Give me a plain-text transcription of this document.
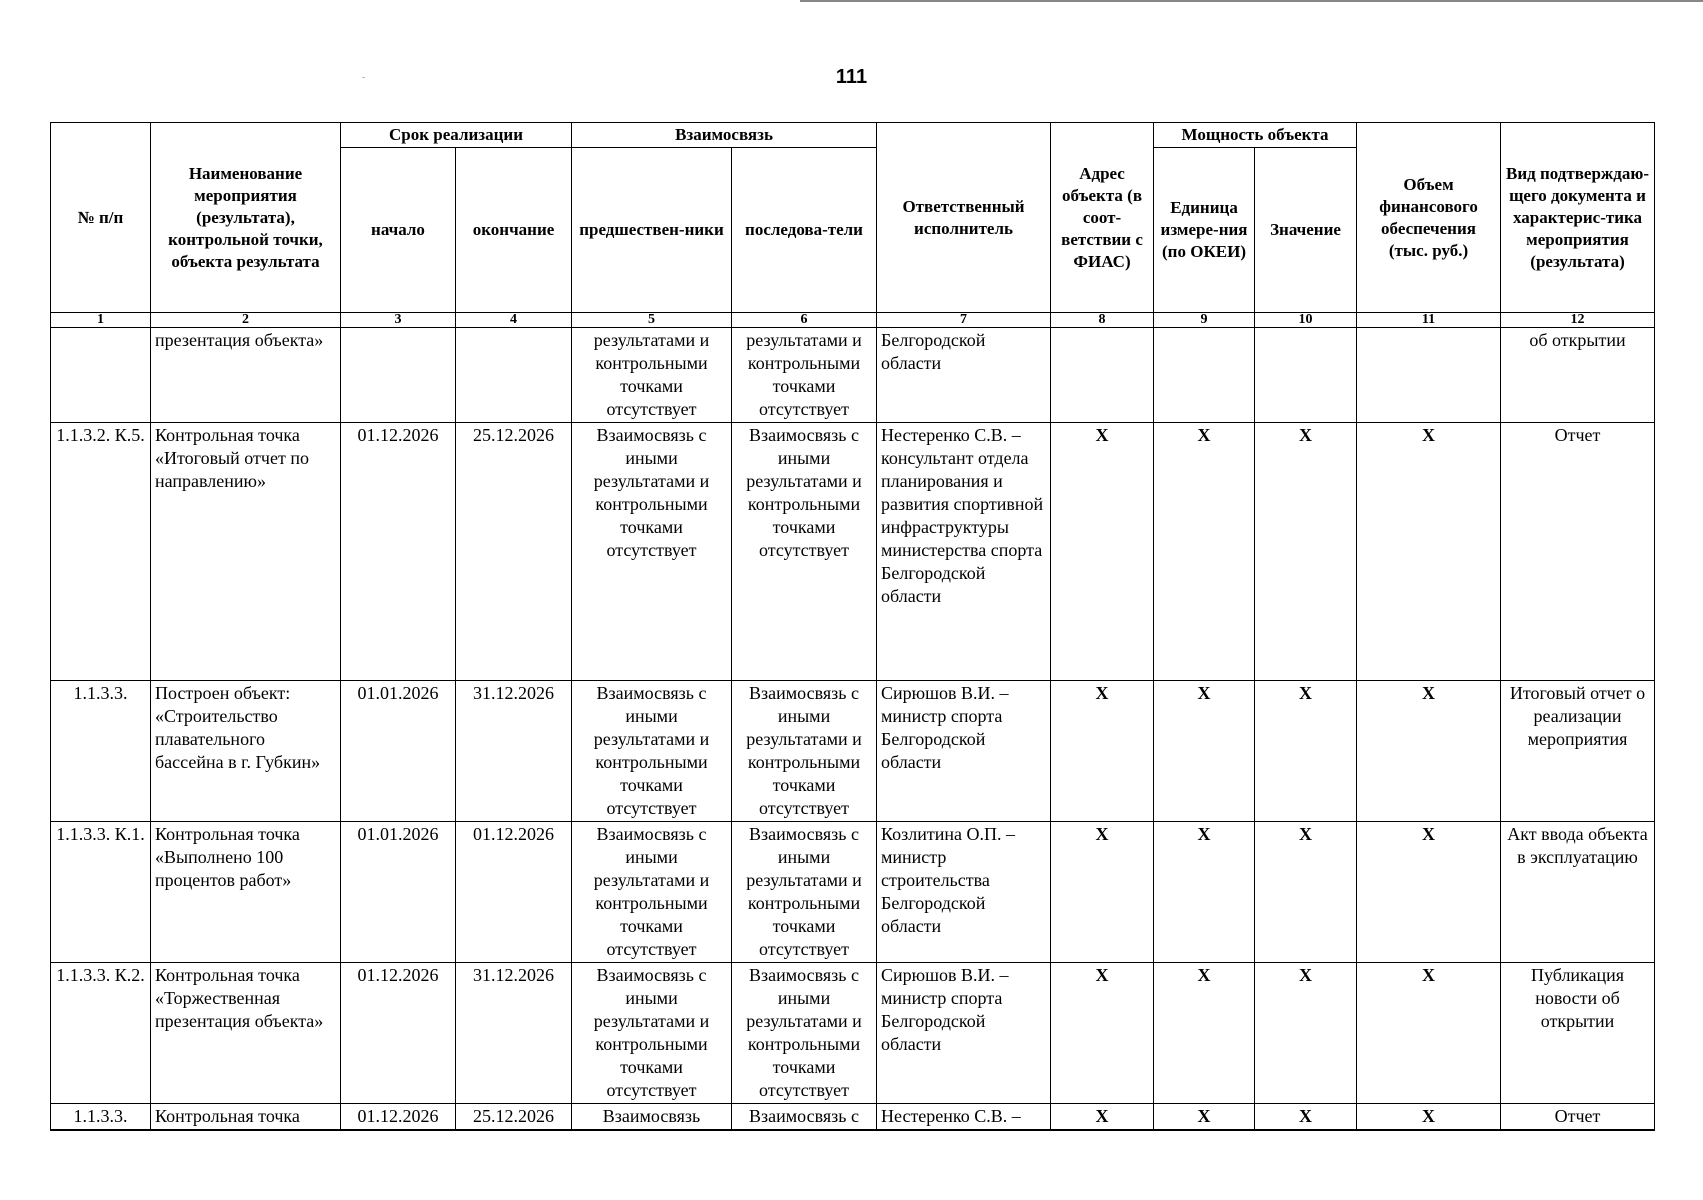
111
№ п/п	Наименование мероприятия (результата), контрольной точки, объекта результата	Срок реализации		Взаимосвязь		Ответственный исполнитель	Адрес объекта (в соот-ветствии с ФИАС)	Мощность объекта		Объем финансового обеспечения (тыс. руб.)	Вид подтверждаю-щего документа и характерис-тика мероприятия (результата)
		начало	окончание	предшествен-ники	последова-тели			Единица измере-ния (по ОКЕИ)	Значение		
1	2	3	4	5	6	7	8	9	10	11	12
	презентация объекта»			результатами и контрольными точками отсутствует	результатами и контрольными точками отсутствует	Белгородской области					об открытии
1.1.3.2. К.5.	Контрольная точка «Итоговый отчет по направлению»	01.12.2026	25.12.2026	Взаимосвязь с иными результатами и контрольными точками отсутствует	Взаимосвязь с иными результатами и контрольными точками отсутствует	Нестеренко С.В. – консультант отдела планирования и развития спортивной инфраструктуры министерства спорта Белгородской области	Х	Х	Х	Х	Отчет
1.1.3.3.	Построен объект: «Строительство плавательного бассейна в г. Губкин»	01.01.2026	31.12.2026	Взаимосвязь с иными результатами и контрольными точками отсутствует	Взаимосвязь с иными результатами и контрольными точками отсутствует	Сирюшов В.И. – министр спорта Белгородской области	Х	Х	Х	Х	Итоговый отчет о реализации мероприятия
1.1.3.3. К.1.	Контрольная точка «Выполнено 100 процентов работ»	01.01.2026	01.12.2026	Взаимосвязь с иными результатами и контрольными точками отсутствует	Взаимосвязь с иными результатами и контрольными точками отсутствует	Козлитина О.П. – министр строительства Белгородской области	Х	Х	Х	Х	Акт ввода объекта в эксплуатацию
1.1.3.3. К.2.	Контрольная точка «Торжественная презентация объекта»	01.12.2026	31.12.2026	Взаимосвязь с иными результатами и контрольными точками отсутствует	Взаимосвязь с иными результатами и контрольными точками отсутствует	Сирюшов В.И. – министр спорта Белгородской области	Х	Х	Х	Х	Публикация новости об открытии
1.1.3.3.	Контрольная точка	01.12.2026	25.12.2026	Взаимосвязь	Взаимосвязь с	Нестеренко С.В. –	Х	Х	Х	Х	Отчет
